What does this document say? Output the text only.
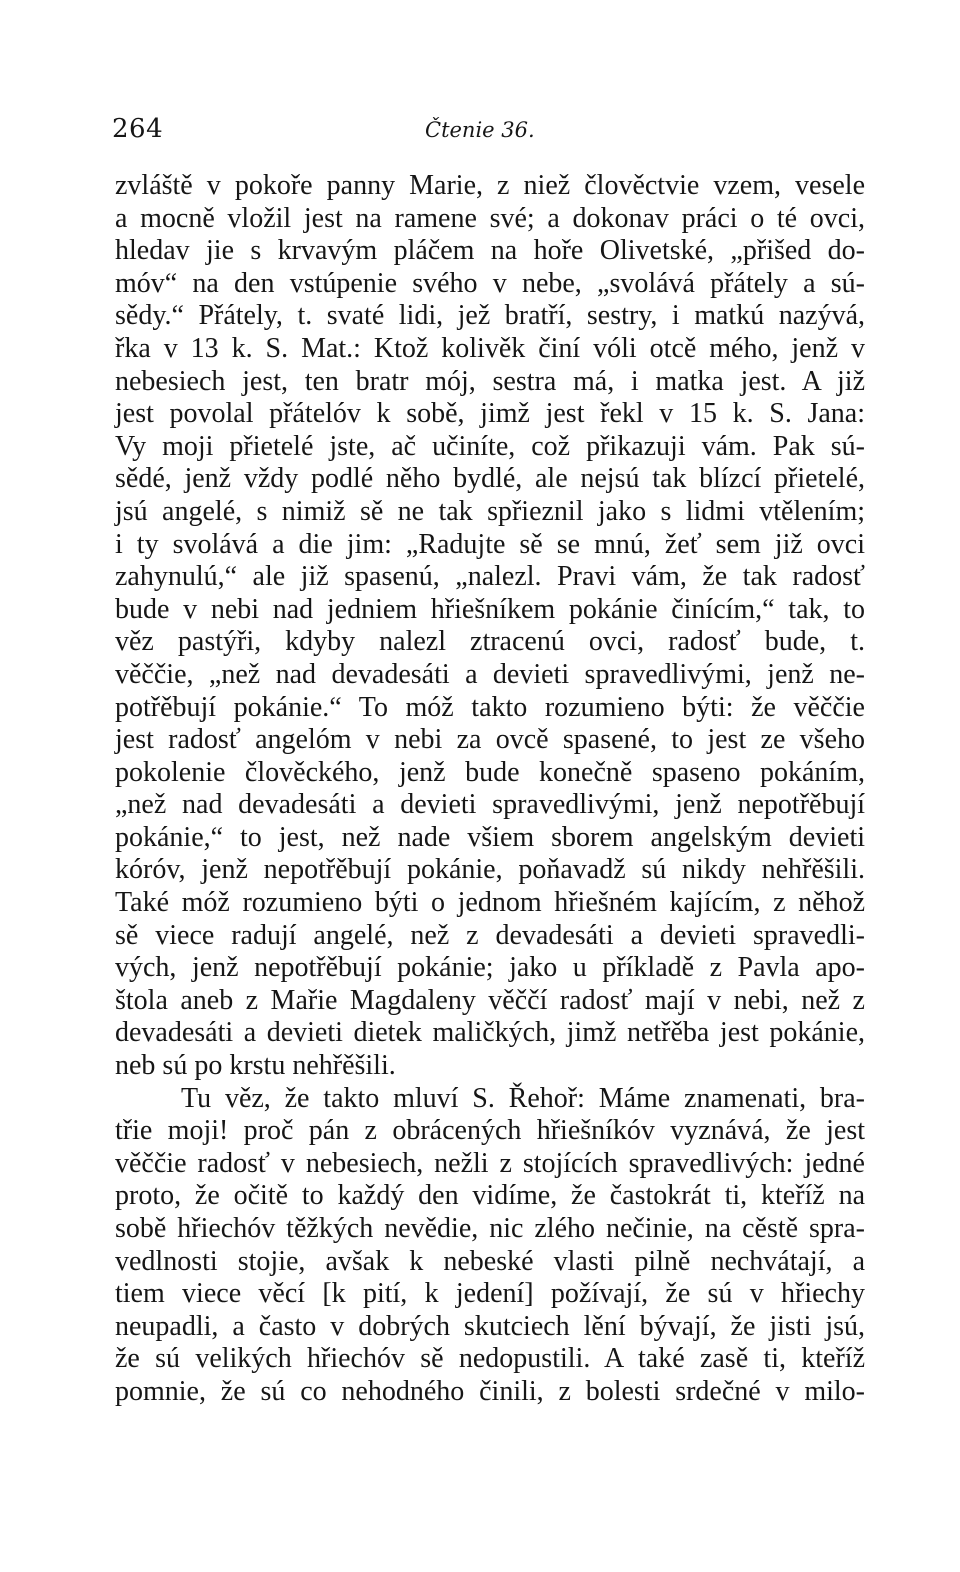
264	Čtenie 36.
zvláště v pokoře panny Marie, z niež člověctvie vzem, vesele
a mocně vložil jest na ramene své; a dokonav práci o té ovci,
hledav jie s krvavým pláčem na hoře Olivetské, „přišed do-
móv“ na den vstúpenie svého v nebe, „svolává přátely a sú-
sědy.“ Přátely, t. svaté lidi, jež bratří, sestry, i matkú nazývá,
řka v 13 k. S. Mat.: Ktož kolivěk činí vóli otcě mého, jenž v
nebesiech jest, ten bratr mój, sestra má, i matka jest. A již
jest povolal přátelóv k sobě, jimž jest řekl v 15 k. S. Jana:
Vy moji přietelé jste, ač učiníte, což přikazuji vám. Pak sú-
sědé, jenž vždy podlé něho bydlé, ale nejsú tak blízcí přietelé,
jsú angelé, s nimiž sě ne tak spřieznil jako s lidmi vtělením;
i ty svolává a die jim: „Radujte sě se mnú, žeť sem již ovci
zahynulú,“ ale již spasenú, „nalezl. Pravi vám, že tak radosť
bude v nebi nad jedniem hřiešníkem pokánie činícím,“ tak, to
věz pastýři, kdyby nalezl ztracenú ovci, radosť bude, t.
věččie, „než nad devadesáti a devieti spravedlivými, jenž ne-
potřěbují pokánie.“ To móž takto rozumieno býti: že věččie
jest radosť angelóm v nebi za ovcě spasené, to jest ze všeho
pokolenie člověckého, jenž bude konečně spaseno pokáním,
„než nad devadesáti a devieti spravedlivými, jenž nepotřěbují
pokánie,“ to jest, než nade všiem sborem angelským devieti
kóróv, jenž nepotřěbují pokánie, poňavadž sú nikdy nehřěšili.
Také móž rozumieno býti o jednom hřiešném kajícím, z něhož
sě viece radují angelé, než z devadesáti a devieti spravedli-
vých, jenž nepotřěbují pokánie; jako u příkladě z Pavla apo-
štola aneb z Mařie Magdaleny věččí radosť mají v nebi, než z
devadesáti a devieti dietek maličkých, jimž netřěba jest pokánie,
neb sú po krstu nehřěšili.
Tu věz, že takto mluví S. Řehoř: Máme znamenati, bra-
třie moji! proč pán z obrácených hřiešníkóv vyznává, že jest
věččie radosť v nebesiech, nežli z stojících spravedlivých: jedné
proto, že očitě to každý den vidíme, že častokrát ti, kteříž na
sobě hřiechóv těžkých nevědie, nic zlého nečinie, na cěstě spra-
vedlnosti stojie, avšak k nebeské vlasti pilně nechvátají, a
tiem viece věcí [k pití, k jedení] požívají, že sú v hřiechy
neupadli, a často v dobrých skutciech lění bývají, že jisti jsú,
že sú velikých hřiechóv sě nedopustili. A také zasě ti, kteříž
pomnie, že sú co nehodného činili, z bolesti srdečné v milo-
